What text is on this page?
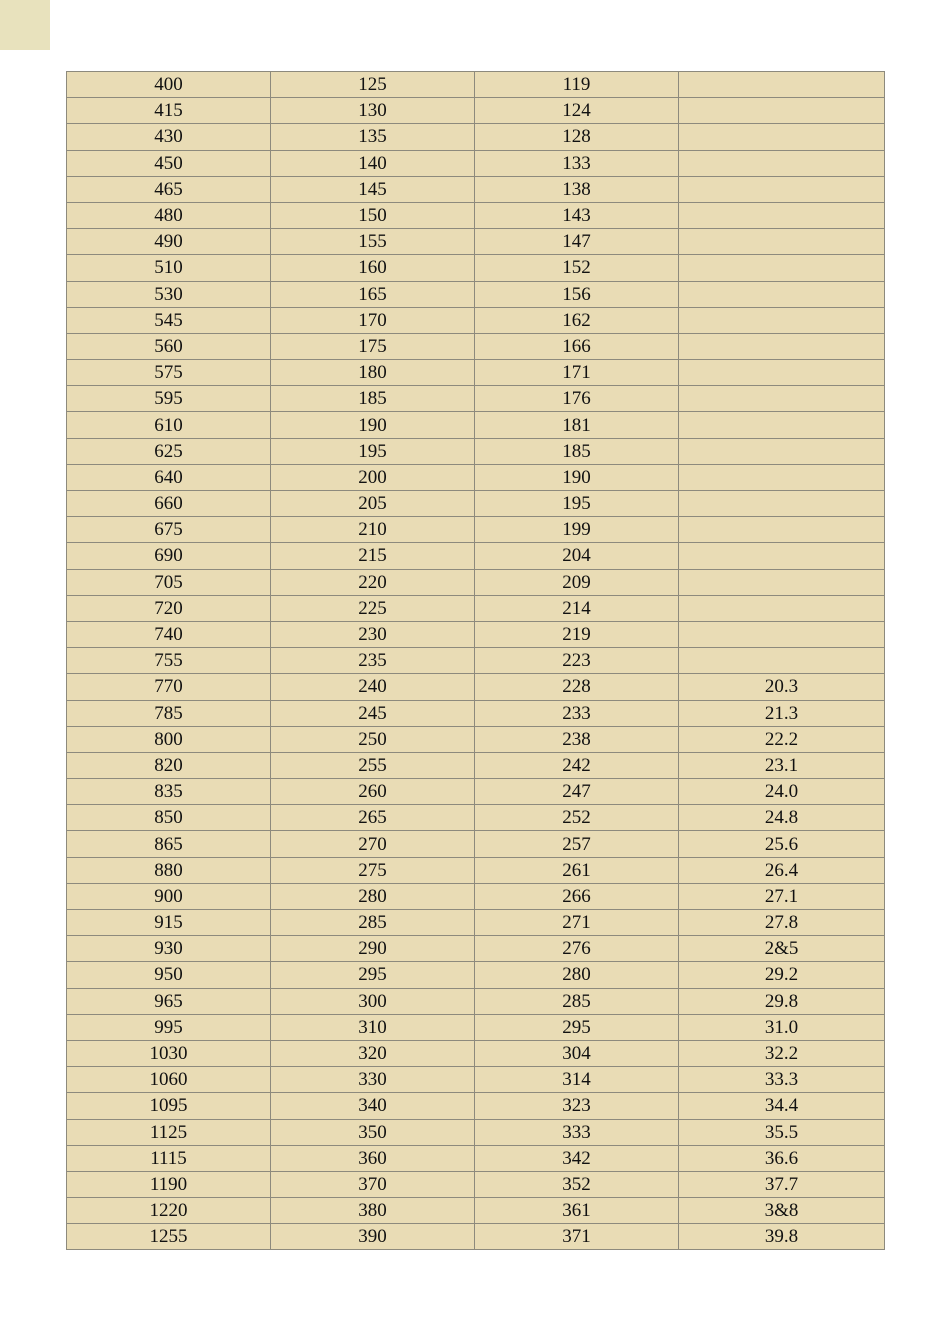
400	125	119	
415	130	124	
430	135	128	
450	140	133	
465	145	138	
480	150	143	
490	155	147	
510	160	152	
530	165	156	
545	170	162	
560	175	166	
575	180	171	
595	185	176	
610	190	181	
625	195	185	
640	200	190	
660	205	195	
675	210	199	
690	215	204	
705	220	209	
720	225	214	
740	230	219	
755	235	223	
770	240	228	20.3
785	245	233	21.3
800	250	238	22.2
820	255	242	23.1
835	260	247	24.0
850	265	252	24.8
865	270	257	25.6
880	275	261	26.4
900	280	266	27.1
915	285	271	27.8
930	290	276	2&5
950	295	280	29.2
965	300	285	29.8
995	310	295	31.0
1030	320	304	32.2
1060	330	314	33.3
1095	340	323	34.4
1125	350	333	35.5
1115	360	342	36.6
1190	370	352	37.7
1220	380	361	3&8
1255	390	371	39.8
